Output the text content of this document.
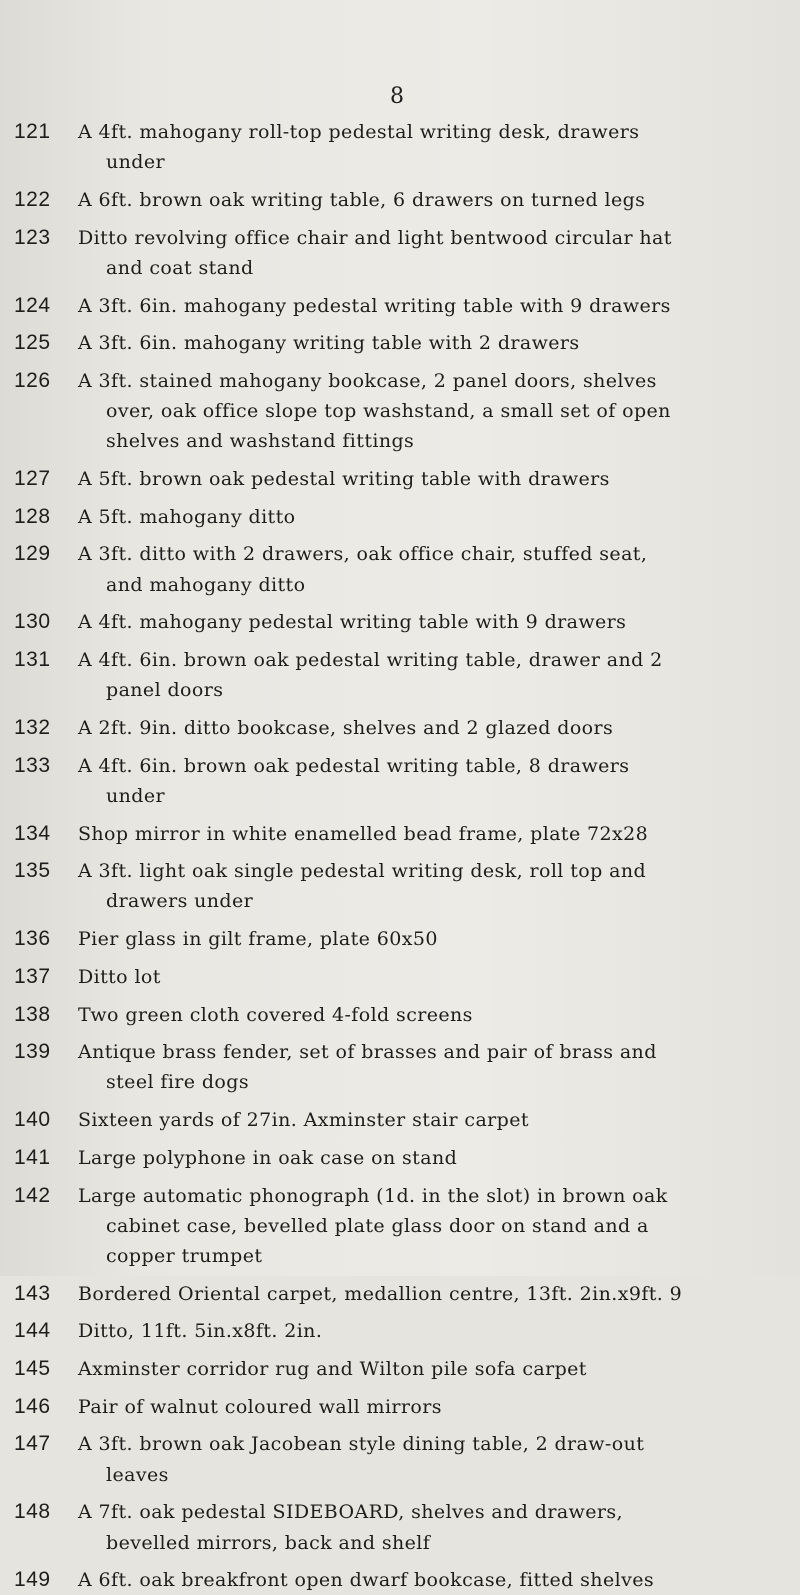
8
121	A 4ft. mahogany roll-top pedestal writing desk, drawers
under
122	A 6ft. brown oak writing table, 6 drawers on turned legs
123	Ditto revolving office chair and light bentwood circular hat
and coat stand
124	A 3ft. 6in. mahogany pedestal writing table with 9 drawers
125	A 3ft. 6in. mahogany writing table with 2 drawers
126	A 3ft. stained mahogany bookcase, 2 panel doors, shelves
over, oak office slope top washstand, a small set of open
shelves and washstand fittings
127	A 5ft. brown oak pedestal writing table with drawers
128	A 5ft. mahogany ditto
129	A 3ft. ditto with 2 drawers, oak office chair, stuffed seat,
and mahogany ditto
130	A 4ft. mahogany pedestal writing table with 9 drawers
131	A 4ft. 6in. brown oak pedestal writing table, drawer and 2
panel doors
132	A 2ft. 9in. ditto bookcase, shelves and 2 glazed doors
133	A 4ft. 6in. brown oak pedestal writing table, 8 drawers
under
134	Shop mirror in white enamelled bead frame, plate 72x28
135	A 3ft. light oak single pedestal writing desk, roll top and
drawers under
136	Pier glass in gilt frame, plate 60x50
137	Ditto lot
138	Two green cloth covered 4-fold screens
139	Antique brass fender, set of brasses and pair of brass and
steel fire dogs
140	Sixteen yards of 27in. Axminster stair carpet
141	Large polyphone in oak case on stand
142	Large automatic phonograph (1d. in the slot) in brown oak
cabinet case, bevelled plate glass door on stand and a
copper trumpet
143	Bordered Oriental carpet, medallion centre, 13ft. 2in.x9ft. 9
144	Ditto, 11ft. 5in.x8ft. 2in.
145	Axminster corridor rug and Wilton pile sofa carpet
146	Pair of walnut coloured wall mirrors
147	A 3ft. brown oak Jacobean style dining table, 2 draw-out
leaves
148	A 7ft. oak pedestal SIDEBOARD, shelves and drawers,
bevelled mirrors, back and shelf
149	A 6ft. oak breakfront open dwarf bookcase, fitted shelves
